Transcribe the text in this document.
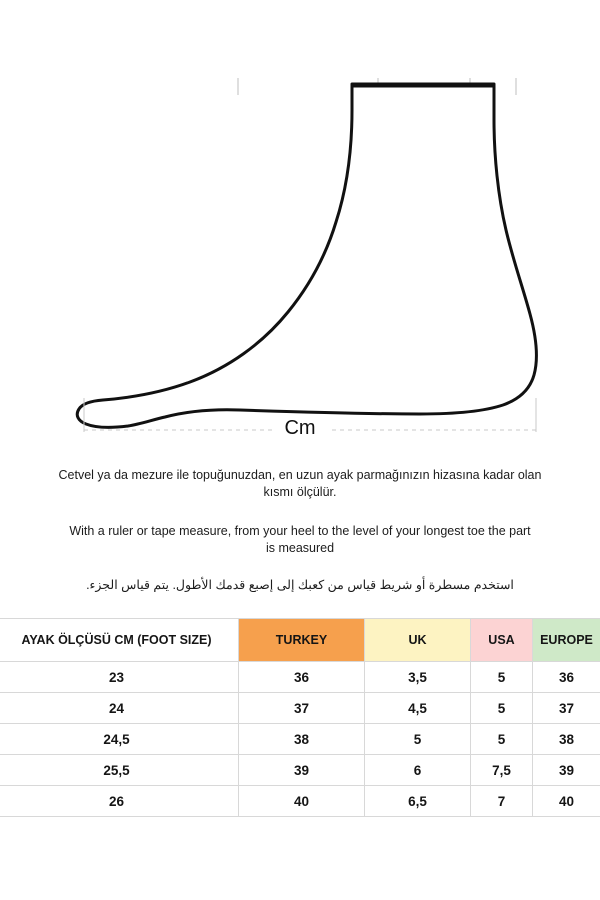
Cm

Cetvel ya da mezure ile topuğunuzdan, en uzun ayak parmağınızın hizasına kadar olan kısmı ölçülür.

With a ruler or tape measure, from your heel to the level of your longest toe the part is measured

استخدم مسطرة أو شريط قياس من كعبك إلى إصبع قدمك الأطول. يتم قياس الجزء.

AYAK ÖLÇÜSÜ CM (FOOT SIZE)	TURKEY	UK	USA	EUROPE
23	36	3,5	5	36
24	37	4,5	5	37
24,5	38	5	5	38
25,5	39	6	7,5	39
26	40	6,5	7	40
